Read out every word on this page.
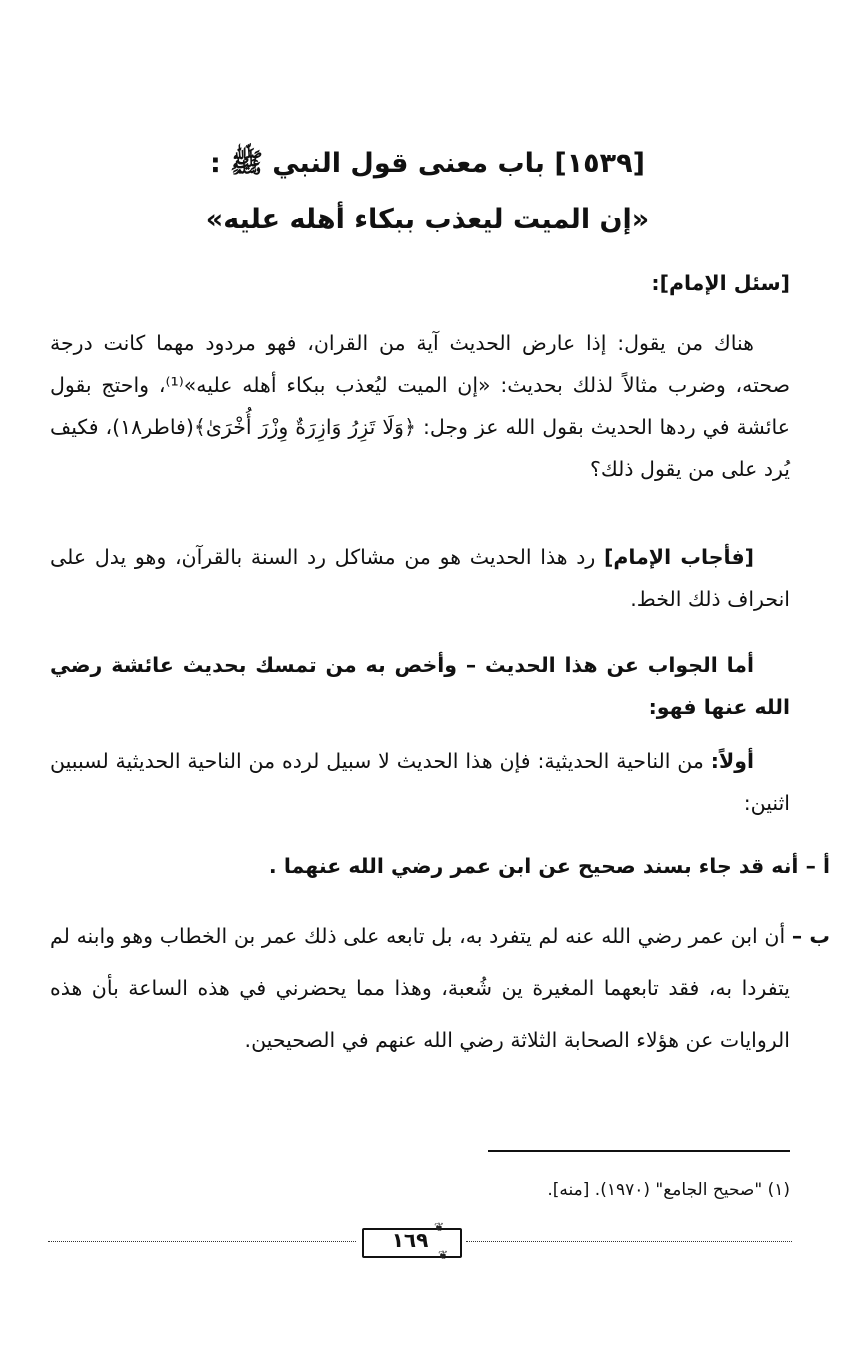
[١٥٣٩] باب معنى قول النبي ﷺ :
«إن الميت ليعذب ببكاء أهله عليه»
[سئل الإمام]:
هناك من يقول: إذا عارض الحديث آية من القران، فهو مردود مهما كانت درجة صحته، وضرب مثالاً لذلك بحديث: «إن الميت ليُعذب ببكاء أهله عليه»⁽¹⁾، واحتج بقول عائشة في ردها الحديث بقول الله عز وجل: ﴿وَلَا تَزِرُ وَازِرَةٌ وِزْرَ أُخْرَىٰ﴾(فاطر١٨)، فكيف يُرد على من يقول ذلك؟
[فأجاب الإمام] رد هذا الحديث هو من مشاكل رد السنة بالقرآن، وهو يدل على انحراف ذلك الخط.
أما الجواب عن هذا الحديث – وأخص به من تمسك بحديث عائشة رضي الله عنها فهو:
أولاً: من الناحية الحديثية: فإن هذا الحديث لا سبيل لرده من الناحية الحديثية لسببين اثنين:
أ – أنه قد جاء بسند صحيح عن ابن عمر رضي الله عنهما .
ب – أن ابن عمر رضي الله عنه لم يتفرد به، بل تابعه على ذلك عمر بن الخطاب وهو وابنه لم يتفردا به، فقد تابعهما المغيرة ين شُعبة، وهذا مما يحضرني في هذه الساعة بأن هذه الروايات عن هؤلاء الصحابة الثلاثة رضي الله عنهم في الصحيحين.
(١) "صحيح الجامع" (١٩٧٠). [منه].
❦
❦
١٦٩
